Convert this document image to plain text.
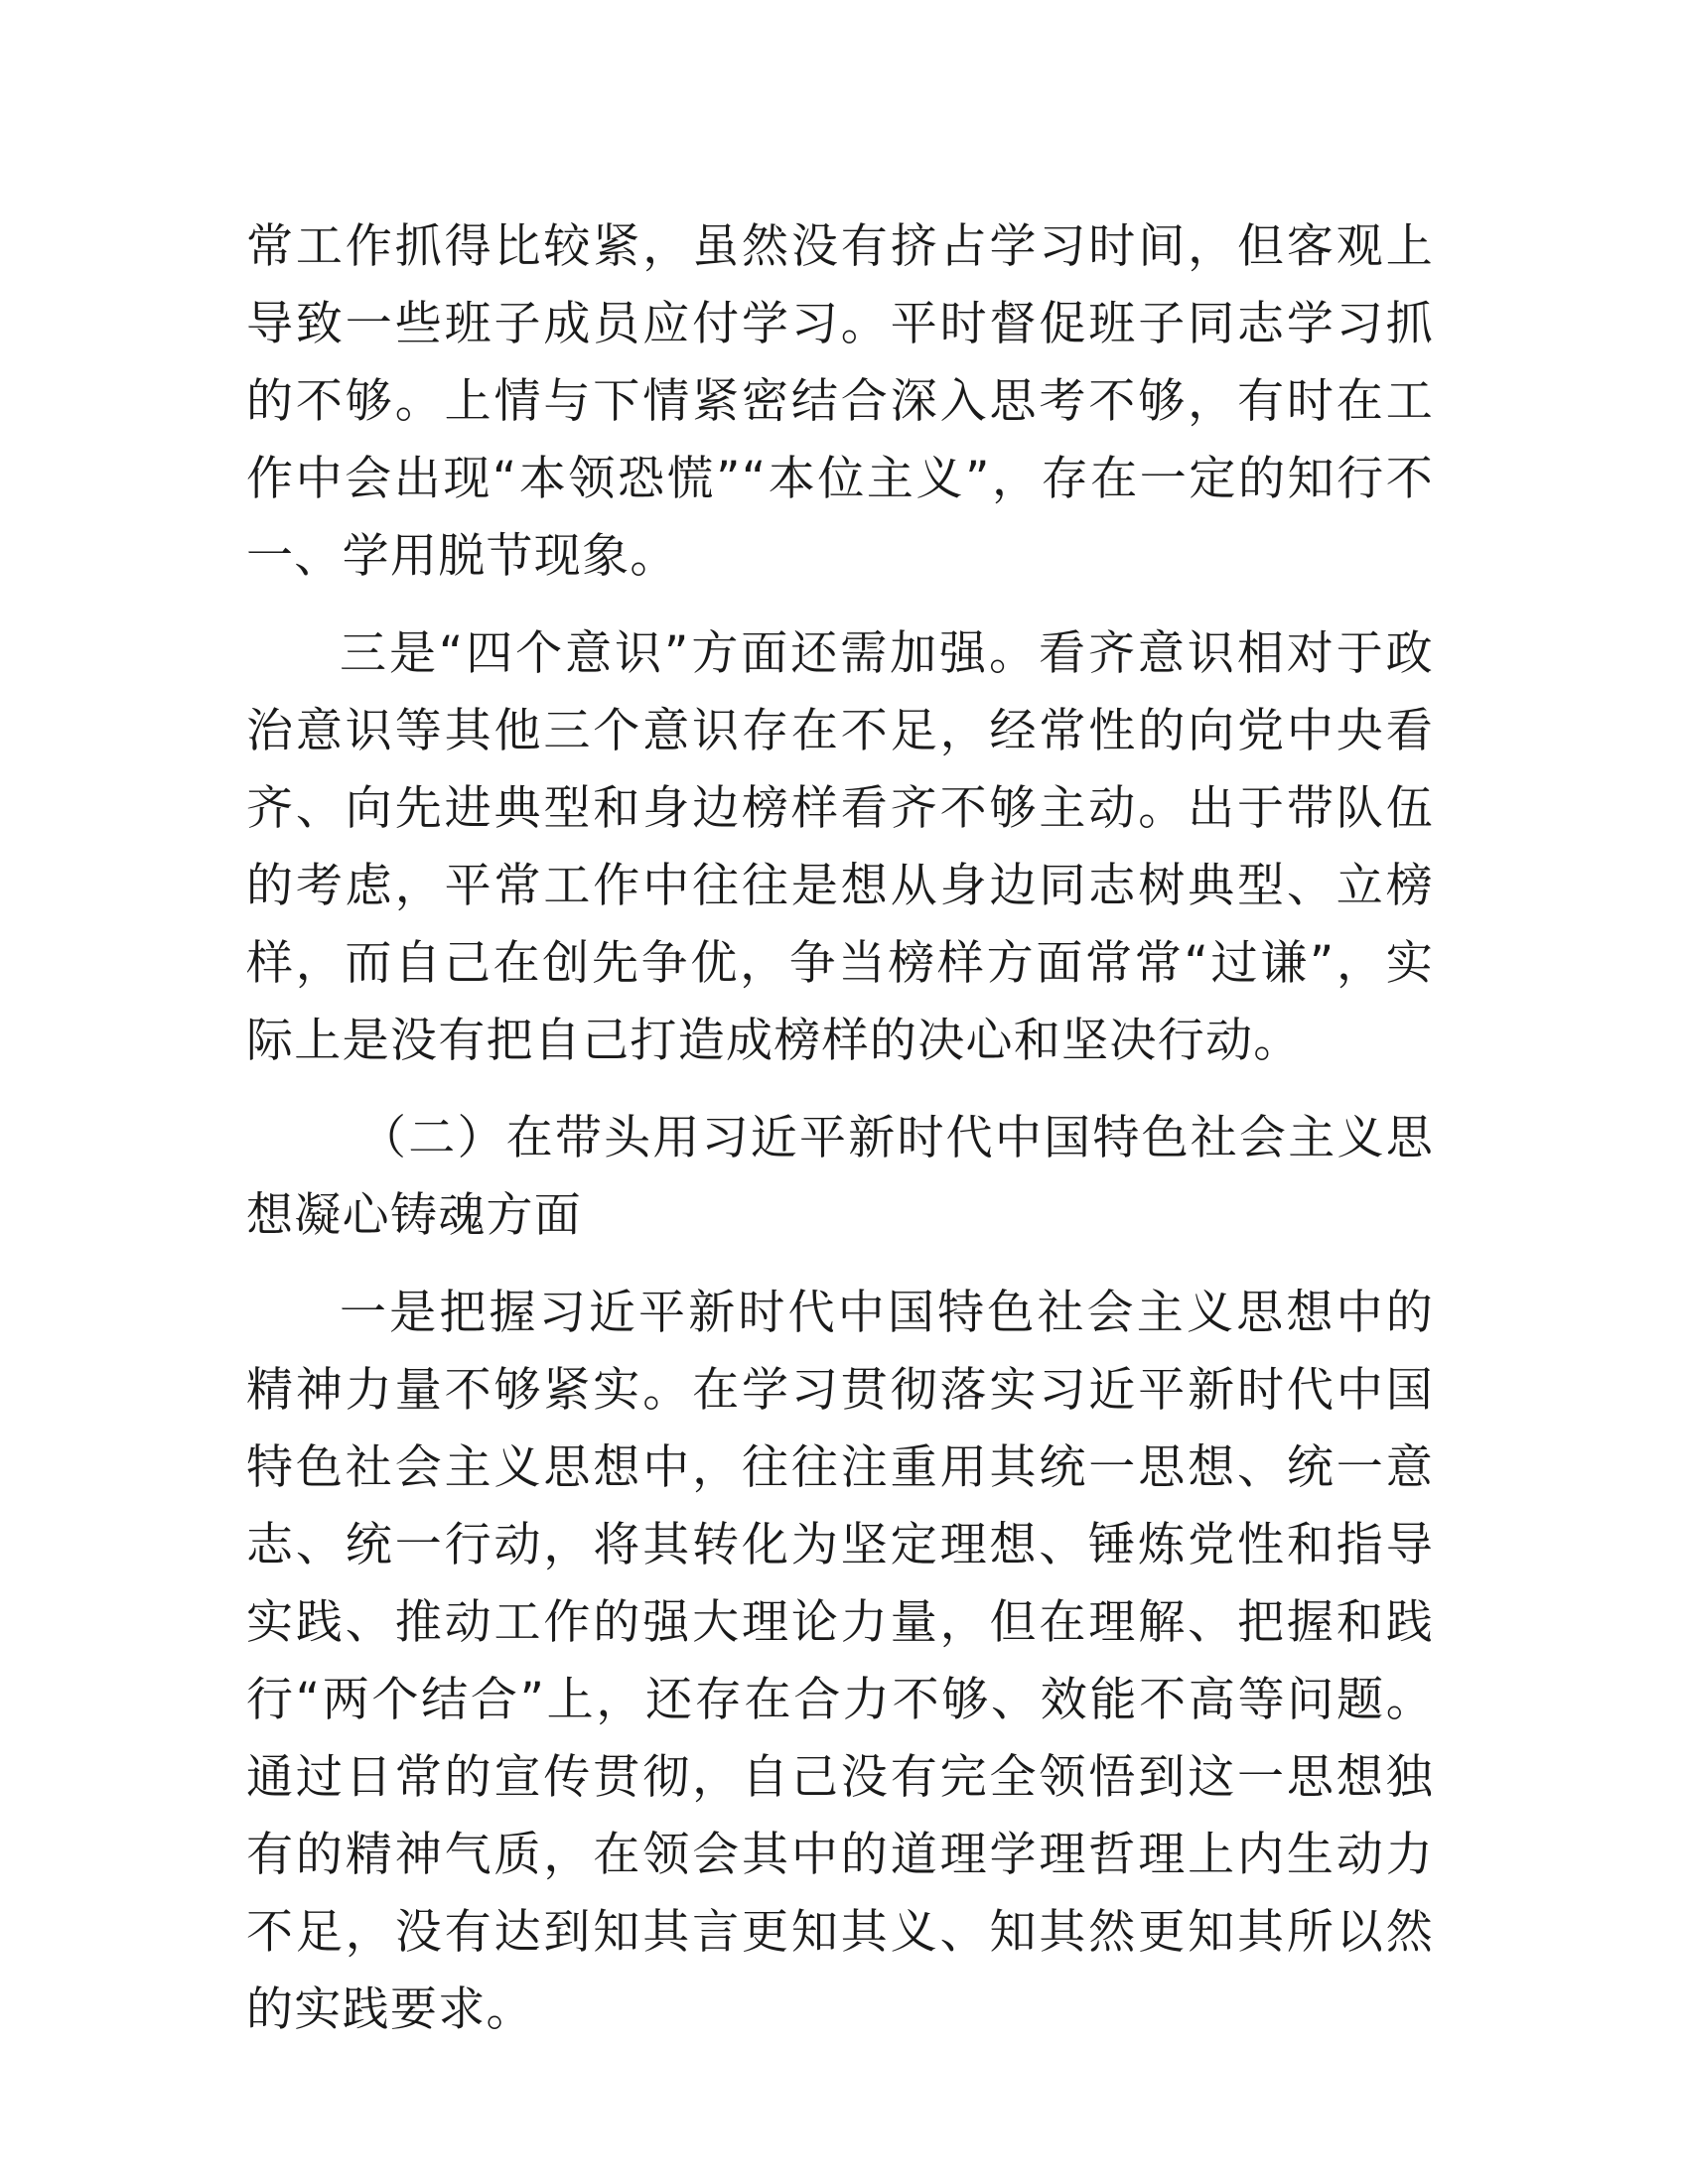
常工作抓得比较紧，虽然没有挤占学习时间，但客观上导致一些班子成员应付学习。平时督促班子同志学习抓的不够。上情与下情紧密结合深入思考不够，有时在工作中会出现“本领恐慌”“本位主义”，存在一定的知行不一、学用脱节现象。

三是“四个意识”方面还需加强。看齐意识相对于政治意识等其他三个意识存在不足，经常性的向党中央看齐、向先进典型和身边榜样看齐不够主动。出于带队伍的考虑，平常工作中往往是想从身边同志树典型、立榜样，而自己在创先争优，争当榜样方面常常“过谦”，实际上是没有把自己打造成榜样的决心和坚决行动。

（二）在带头用习近平新时代中国特色社会主义思想凝心铸魂方面

一是把握习近平新时代中国特色社会主义思想中的精神力量不够紧实。在学习贯彻落实习近平新时代中国特色社会主义思想中，往往注重用其统一思想、统一意志、统一行动，将其转化为坚定理想、锤炼党性和指导实践、推动工作的强大理论力量，但在理解、把握和践行“两个结合”上，还存在合力不够、效能不高等问题。通过日常的宣传贯彻，自己没有完全领悟到这一思想独有的精神气质，在领会其中的道理学理哲理上内生动力不足，没有达到知其言更知其义、知其然更知其所以然的实践要求。
